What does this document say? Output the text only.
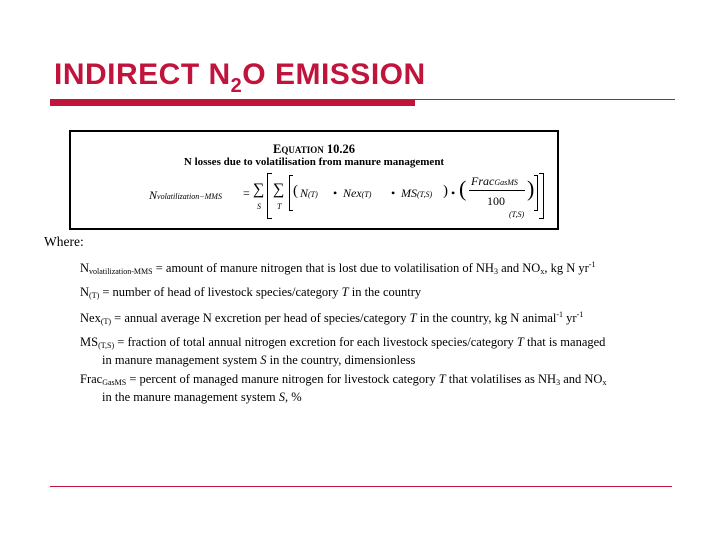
INDIRECT $N_2O$ EMISSION
Equation 10.26
N losses due to volatilisation from manure management
Nvolatilization−MMS = ∑
S
∑
T
( N(T) • Nex(T) • MS(T,S) ) • ( FracGasMS
100 )
(T,S)
Where:
$N_{volatilization-MMS}$ = amount of manure nitrogen that is lost due to volatilisation of $NH_3$ and $NO_x$, kg N $yr^{-1}$
$N_{(T)}$ = number of head of livestock species/category T in the country
Nex$_{(T)}$ = annual average N excretion per head of species/category T in the country, kg N animal$^{-1}$ $yr^{-1}$
$MS_{(T,S)}$ = fraction of total annual nitrogen excretion for each livestock species/category T that is managed
in manure management system S in the country, dimensionless
Frac$_{GasMS}$ = percent of managed manure nitrogen for livestock category T that volatilises as $NH_3$ and $NO_x$
in the manure management system S, %
